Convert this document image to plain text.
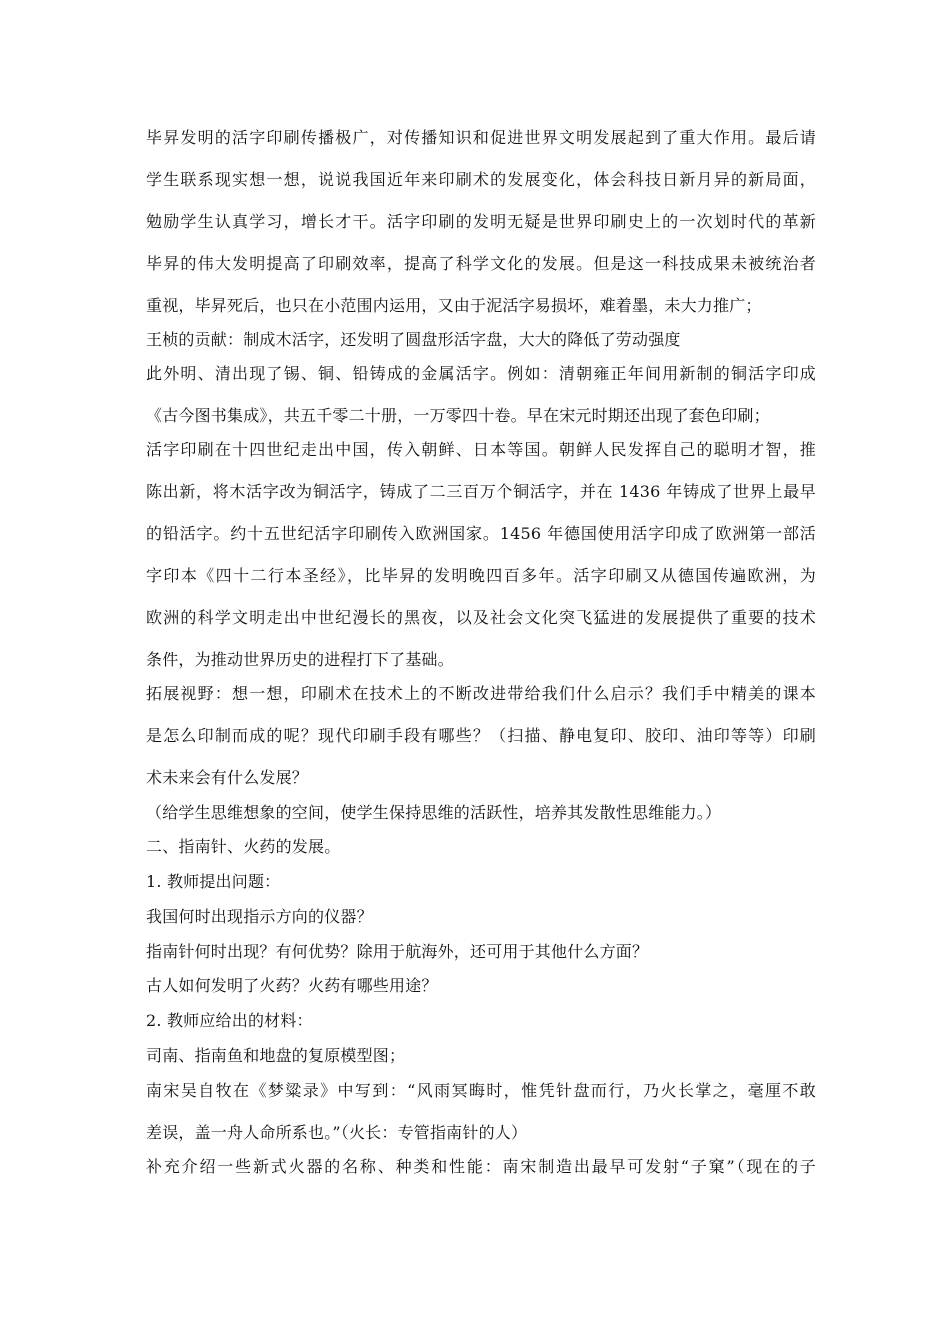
毕昇发明的活字印刷传播极广，对传播知识和促进世界文明发展起到了重大作用。最后请
学生联系现实想一想，说说我国近年来印刷术的发展变化，体会科技日新月异的新局面，
勉励学生认真学习，增长才干。活字印刷的发明无疑是世界印刷史上的一次划时代的革新
毕昇的伟大发明提高了印刷效率，提高了科学文化的发展。但是这一科技成果未被统治者
重视，毕昇死后，也只在小范围内运用，又由于泥活字易损坏，难着墨，未大力推广；
王桢的贡献：制成木活字，还发明了圆盘形活字盘，大大的降低了劳动强度
此外明、清出现了锡、铜、铅铸成的金属活字。例如：清朝雍正年间用新制的铜活字印成
《古今图书集成》，共五千零二十册，一万零四十卷。早在宋元时期还出现了套色印刷；
活字印刷在十四世纪走出中国，传入朝鲜、日本等国。朝鲜人民发挥自己的聪明才智，推
陈出新，将木活字改为铜活字，铸成了二三百万个铜活字，并在 1436 年铸成了世界上最早
的铅活字。约十五世纪活字印刷传入欧洲国家。1456 年德国使用活字印成了欧洲第一部活
字印本《四十二行本圣经》，比毕昇的发明晚四百多年。活字印刷又从德国传遍欧洲，为
欧洲的科学文明走出中世纪漫长的黑夜，以及社会文化突飞猛进的发展提供了重要的技术
条件，为推动世界历史的进程打下了基础。
拓展视野：想一想，印刷术在技术上的不断改进带给我们什么启示？我们手中精美的课本
是怎么印制而成的呢？现代印刷手段有哪些？（扫描、静电复印、胶印、油印等等）印刷
术未来会有什么发展？
（给学生思维想象的空间，使学生保持思维的活跃性，培养其发散性思维能力。）
二、指南针、火药的发展。
1. 教师提出问题：
我国何时出现指示方向的仪器？
指南针何时出现？有何优势？除用于航海外，还可用于其他什么方面？
古人如何发明了火药？火药有哪些用途？
2. 教师应给出的材料：
司南、指南鱼和地盘的复原模型图；
南宋吴自牧在《梦粱录》中写到：“风雨冥晦时，惟凭针盘而行，乃火长掌之，毫厘不敢
差误，盖一舟人命所系也。”（火长：专管指南针的人）
补充介绍一些新式火器的名称、种类和性能：南宋制造出最早可发射“子窠”（现在的子
